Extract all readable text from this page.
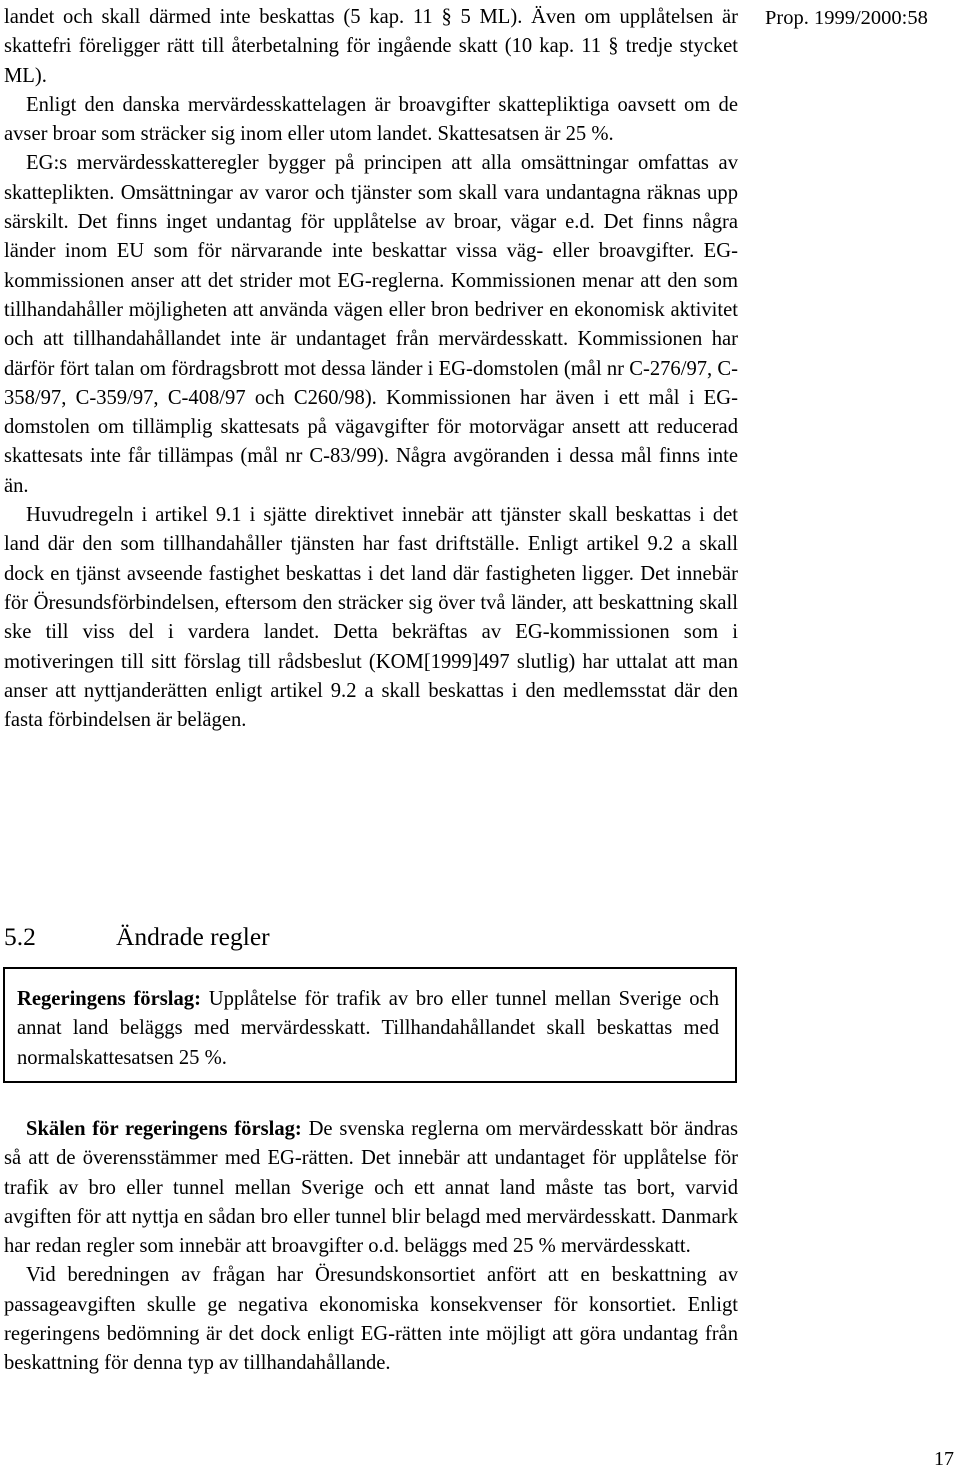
Prop. 1999/2000:58

landet och skall därmed inte beskattas (5 kap. 11 § 5 ML). Även om upplåtelsen är skattefri föreligger rätt till återbetalning för ingående skatt (10 kap. 11 § tredje stycket ML).

Enligt den danska mervärdesskattelagen är broavgifter skattepliktiga oavsett om de avser broar som sträcker sig inom eller utom landet. Skattesatsen är 25 %.

EG:s mervärdesskatteregler bygger på principen att alla omsättningar omfattas av skatteplikten. Omsättningar av varor och tjänster som skall vara undantagna räknas upp särskilt. Det finns inget undantag för upplåtelse av broar, vägar e.d. Det finns några länder inom EU som för närvarande inte beskattar vissa väg- eller broavgifter. EG-kommissionen anser att det strider mot EG-reglerna. Kommissionen menar att den som tillhandahåller möjligheten att använda vägen eller bron bedriver en ekonomisk aktivitet och att tillhandahållandet inte är undantaget från mervärdesskatt. Kommissionen har därför fört talan om fördragsbrott mot dessa länder i EG-domstolen (mål nr C-276/97, C-358/97, C-359/97, C-408/97 och C260/98). Kommissionen har även i ett mål i EG-domstolen om tillämplig skattesats på vägavgifter för motorvägar ansett att reducerad skattesats inte får tillämpas (mål nr C-83/99). Några avgöranden i dessa mål finns inte än.

Huvudregeln i artikel 9.1 i sjätte direktivet innebär att tjänster skall beskattas i det land där den som tillhandahåller tjänsten har fast driftställe. Enligt artikel 9.2 a skall dock en tjänst avseende fastighet beskattas i det land där fastigheten ligger. Det innebär för Öresundsförbindelsen, eftersom den sträcker sig över två länder, att beskattning skall ske till viss del i vardera landet. Detta bekräftas av EG-kommissionen som i motiveringen till sitt förslag till rådsbeslut (KOM[1999]497 slutlig) har uttalat att man anser att nyttjanderätten enligt artikel 9.2 a skall beskattas i den medlemsstat där den fasta förbindelsen är belägen.

5.2	Ändrade regler

Regeringens förslag: Upplåtelse för trafik av bro eller tunnel mellan Sverige och annat land beläggs med mervärdesskatt. Tillhandahållandet skall beskattas med normalskattesatsen 25 %.

Skälen för regeringens förslag: De svenska reglerna om mervärdesskatt bör ändras så att de överensstämmer med EG-rätten. Det innebär att undantaget för upplåtelse för trafik av bro eller tunnel mellan Sverige och ett annat land måste tas bort, varvid avgiften för att nyttja en sådan bro eller tunnel blir belagd med mervärdesskatt. Danmark har redan regler som innebär att broavgifter o.d. beläggs med 25 % mervärdesskatt.

Vid beredningen av frågan har Öresundskonsortiet anfört att en beskattning av passageavgiften skulle ge negativa ekonomiska konsekvenser för konsortiet. Enligt regeringens bedömning är det dock enligt EG-rätten inte möjligt att göra undantag från beskattning för denna typ av tillhandahållande.

17
